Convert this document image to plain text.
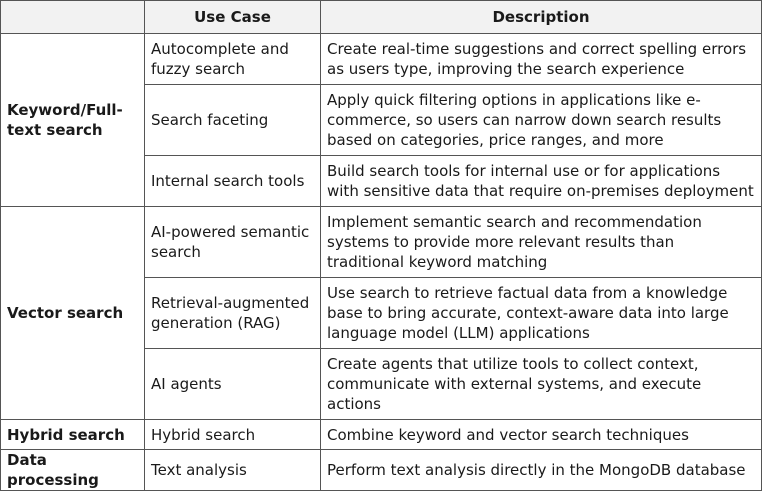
	Use Case	Description
Keyword/Full-text search	Autocomplete and fuzzy search	Create real-time suggestions and correct spelling errors as users type, improving the search experience
	Search faceting	Apply quick filtering options in applications like e-commerce, so users can narrow down search results based on categories, price ranges, and more
	Internal search tools	Build search tools for internal use or for applications with sensitive data that require on-premises deployment
Vector search	AI-powered semantic search	Implement semantic search and recommendation systems to provide more relevant results than traditional keyword matching
	Retrieval-augmented generation (RAG)	Use search to retrieve factual data from a knowledge base to bring accurate, context-aware data into large language model (LLM) applications
	AI agents	Create agents that utilize tools to collect context, communicate with external systems, and execute actions
Hybrid search	Hybrid search	Combine keyword and vector search techniques
Data processing	Text analysis	Perform text analysis directly in the MongoDB database
